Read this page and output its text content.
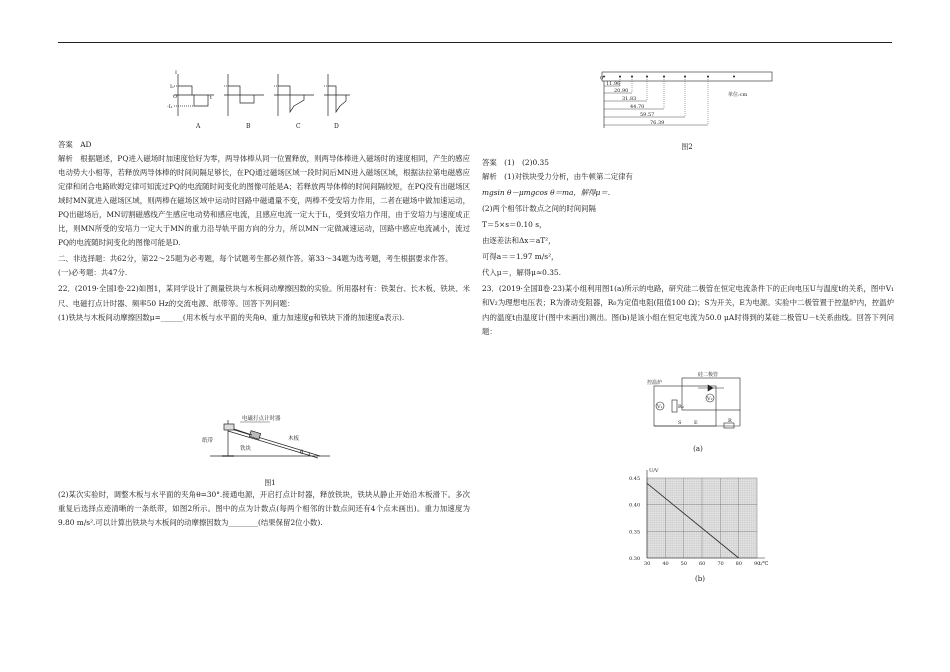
I
O	t
I₁
-I₁
A	B	C	D

答案　 AD

解析　根据题述，PQ进入磁场时加速度恰好为零，两导体棒从同一位置释放，则两导体棒进入磁场时的速度相同，产生的感应电动势大小相等，若释放两导体棒的时间间隔足够长，在PQ通过磁场区域一段时间后MN进入磁场区域，根据法拉第电磁感应定律和闭合电路欧姆定律可知流过PQ的电流随时间变化的图像可能是A；若释放两导体棒的时间间隔较短，在PQ没有出磁场区域时MN就进入磁场区域，则两棒在磁场区域中运动时回路中磁通量不变，两棒不受安培力作用，二者在磁场中做加速运动，PQ出磁场后，MN切割磁感线产生感应电动势和感应电流，且感应电流一定大于I₁，受到安培力作用，由于安培力与速度成正比，则MN所受的安培力一定大于MN的重力沿导轨平面方向的分力，所以MN一定做减速运动，回路中感应电流减小，流过PQ的电流随时间变化的图像可能是D.

二、非选择题：共62分，第22～25题为必考题，每个试题考生都必须作答。第33～34题为选考题，考生根据要求作答。

(一)必考题：共47分.

22．(2019·全国Ⅰ卷·22)如图1，某同学设计了测量铁块与木板间动摩擦因数的实验。所用器材有：铁架台、长木板、铁块、米尺、电磁打点计时器、频率50 Hz的交流电源、纸带等。回答下列问题：

(1)铁块与木板间动摩擦因数μ=______(用木板与水平面的夹角θ、重力加速度g和铁块下滑的加速度a表示).

电磁打点计时器
纸带
铁块
木板
θ
图1

(2)某次实验时，调整木板与水平面的夹角θ=30°.接通电源，开启打点计时器，释放铁块，铁块从静止开始沿木板滑下。多次重复后选择点迹清晰的一条纸带，如图2所示。图中的点为计数点(每两个相邻的计数点间还有4个点未画出)。重力加速度为9.80 m/s².可以计算出铁块与木板间的动摩擦因数为________(结果保留2位小数).

0
11.96
20.90
31.83
44.70
59.57
76.39
单位:cm
图2

答案　(1)　(2)0.35

解析　(1)对铁块受力分析，由牛顿第二定律有

mgsin θ－μmgcos θ＝ma，解得μ＝.

(2)两个相邻计数点之间的时间间隔

T＝5×s＝0.10 s，

由逐差法和Δx＝aT²，

可得a＝＝1.97 m/s²，

代入μ＝，解得μ≈0.35.

23．(2019·全国Ⅱ卷·23)某小组利用图1(a)所示的电路，研究硅二极管在恒定电流条件下的正向电压U与温度t的关系，图中V₁和V₂为理想电压表；R为滑动变阻器，R₀为定值电阻(阻值100 Ω)；S为开关，E为电源。实验中二极管置于控温炉内，控温炉内的温度t由温度计(图中未画出)测出。图(b)是该小组在恒定电流为50.0 μA时得到的某硅二极管U－t关系曲线。回答下列问题：

控温炉
硅二极管
V₁
V₂
R₀
S	E	R
(a)
30 40 50 60 70 80 90
0.30
0.35
0.40
0.45
t/℃
U/V
(b)
